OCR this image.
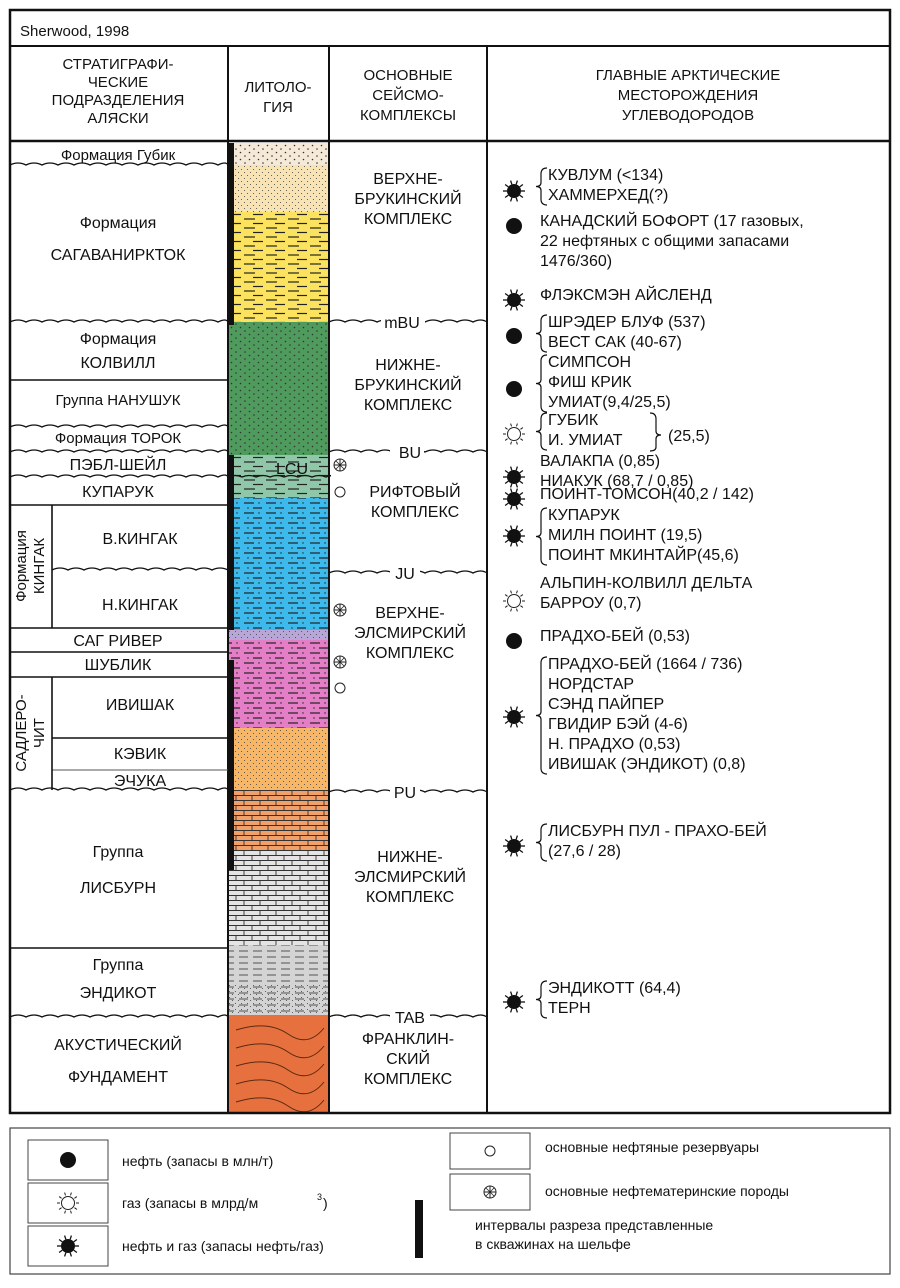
Sherwood, 1998
СТРАТИГРАФИ-
ЧЕСКИЕ
ПОДРАЗДЕЛЕНИЯ
АЛЯСКИ
ЛИТОЛО-
ГИЯ
ОСНОВНЫЕ
СЕЙСМО-
КОМПЛЕКСЫ
ГЛАВНЫЕ АРКТИЧЕСКИЕ
МЕСТОРОЖДЕНИЯ
УГЛЕВОДОРОДОВ
Формация Губик
Формация
САГАВАНИРКТОК
Формация
КОЛВИЛЛ
Группа НАНУШУК
Формация ТОРОК
ПЭБЛ-ШЕЙЛ
КУПАРУК
В.КИНГАК
Н.КИНГАК
САГ РИВЕР
ШУБЛИК
ИВИШАК
КЭВИК
ЭЧУКА
Группа
ЛИСБУРН
Группа
ЭНДИКОТ
АКУСТИЧЕСКИЙ
ФУНДАМЕНТ
Формация КИНГАК
САДЛЕРО- ЧИТ
mBU
BU
LCU
JU
PU
TAB
ВЕРХНЕ-
БРУКИНСКИЙ
КОМПЛЕКС
НИЖНЕ-
БРУКИНСКИЙ
КОМПЛЕКС
РИФТОВЫЙ
КОМПЛЕКС
ВЕРХНЕ-
ЭЛСМИРСКИЙ
КОМПЛЕКС
НИЖНЕ-
ЭЛСМИРСКИЙ
КОМПЛЕКС
ФРАНКЛИН-
СКИЙ
КОМПЛЕКС
КУВЛУМ (<134)
ХАММЕРХЕД(?)
КАНАДСКИЙ БОФОРТ (17 газовых,
22 нефтяных с общими запасами
1476/360)
ФЛЭКСМЭН АЙСЛЕНД
ШРЭДЕР БЛУФ (537)
ВЕСТ САК (40-67)
СИМПСОН
ФИШ КРИК
УМИАТ(9,4/25,5)
ГУБИК
И. УМИАТ	(25,5)
ВАЛАКПА (0,85)
НИАКУК (68,7 / 0,85)
ПОИНТ-ТОМСОН(40,2 / 142)
КУПАРУК
МИЛН ПОИНТ (19,5)
ПОИНТ МКИНТАЙР(45,6)
АЛЬПИН-КОЛВИЛЛ ДЕЛЬТА
БАРРОУ (0,7)
ПРАДХО-БЕЙ (0,53)
ПРАДХО-БЕЙ (1664 / 736)
НОРДСТАР
СЭНД ПАЙПЕР
ГВИДИР БЭЙ (4-6)
Н. ПРАДХО (0,53)
ИВИШАК (ЭНДИКОТ) (0,8)
ЛИСБУРН ПУЛ - ПРАХО-БЕЙ
(27,6 / 28)
ЭНДИКОТТ (64,4)
ТЕРН
нефть (запасы в млн/т)
газ (запасы в млрд/м	3 )
нефть и газ (запасы нефть/газ)
основные нефтяные резервуары
основные нефтематеринские породы
интервалы разреза представленные
в скважинах на шельфе
